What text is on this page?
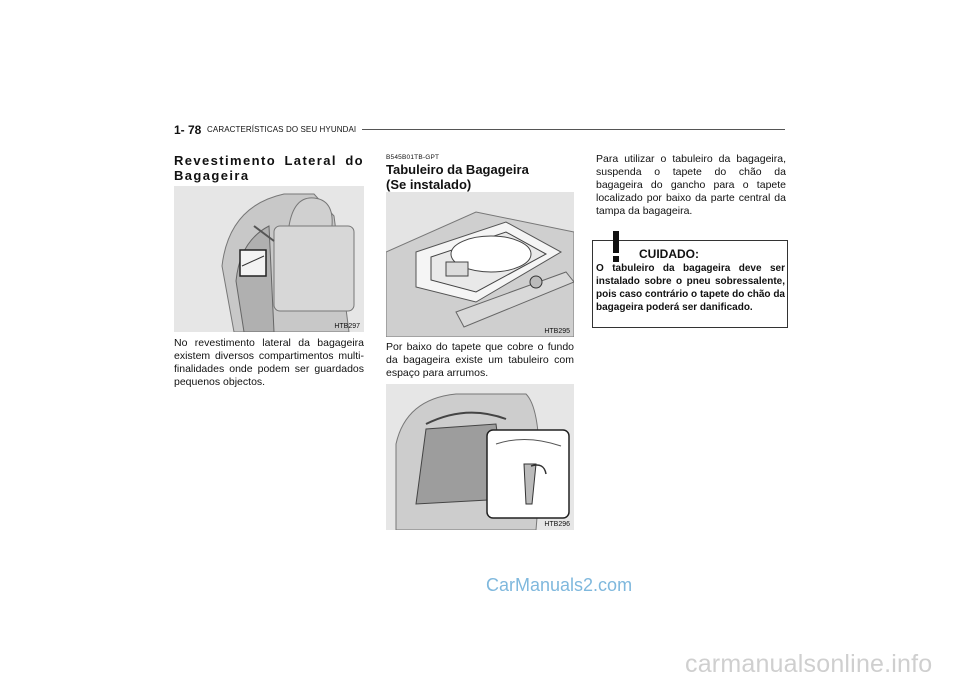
1- 78 CARACTERÍSTICAS DO SEU HYUNDAI
Revestimento Lateral do Bagageira
HTB297
No revestimento lateral da bagageira existem diversos compartimentos multi-finalidades onde podem ser guardados pequenos objectos.
B545B01TB-GPT
Tabuleiro da Bagageira
(Se instalado)
HTB295
Por baixo do tapete que cobre o fundo da bagageira existe um tabuleiro com espaço para arrumos.
HTB296
Para utilizar o tabuleiro da bagageira, suspenda o tapete do chão da bagageira do gancho para o tapete localizado por baixo da parte central da tampa da bagageira.
CUIDADO:
O tabuleiro da bagageira deve ser instalado sobre o pneu sobressalente, pois caso contrário o tapete do chão da bagageira poderá ser danificado.
CarManuals2.com
carmanualsonline.info
